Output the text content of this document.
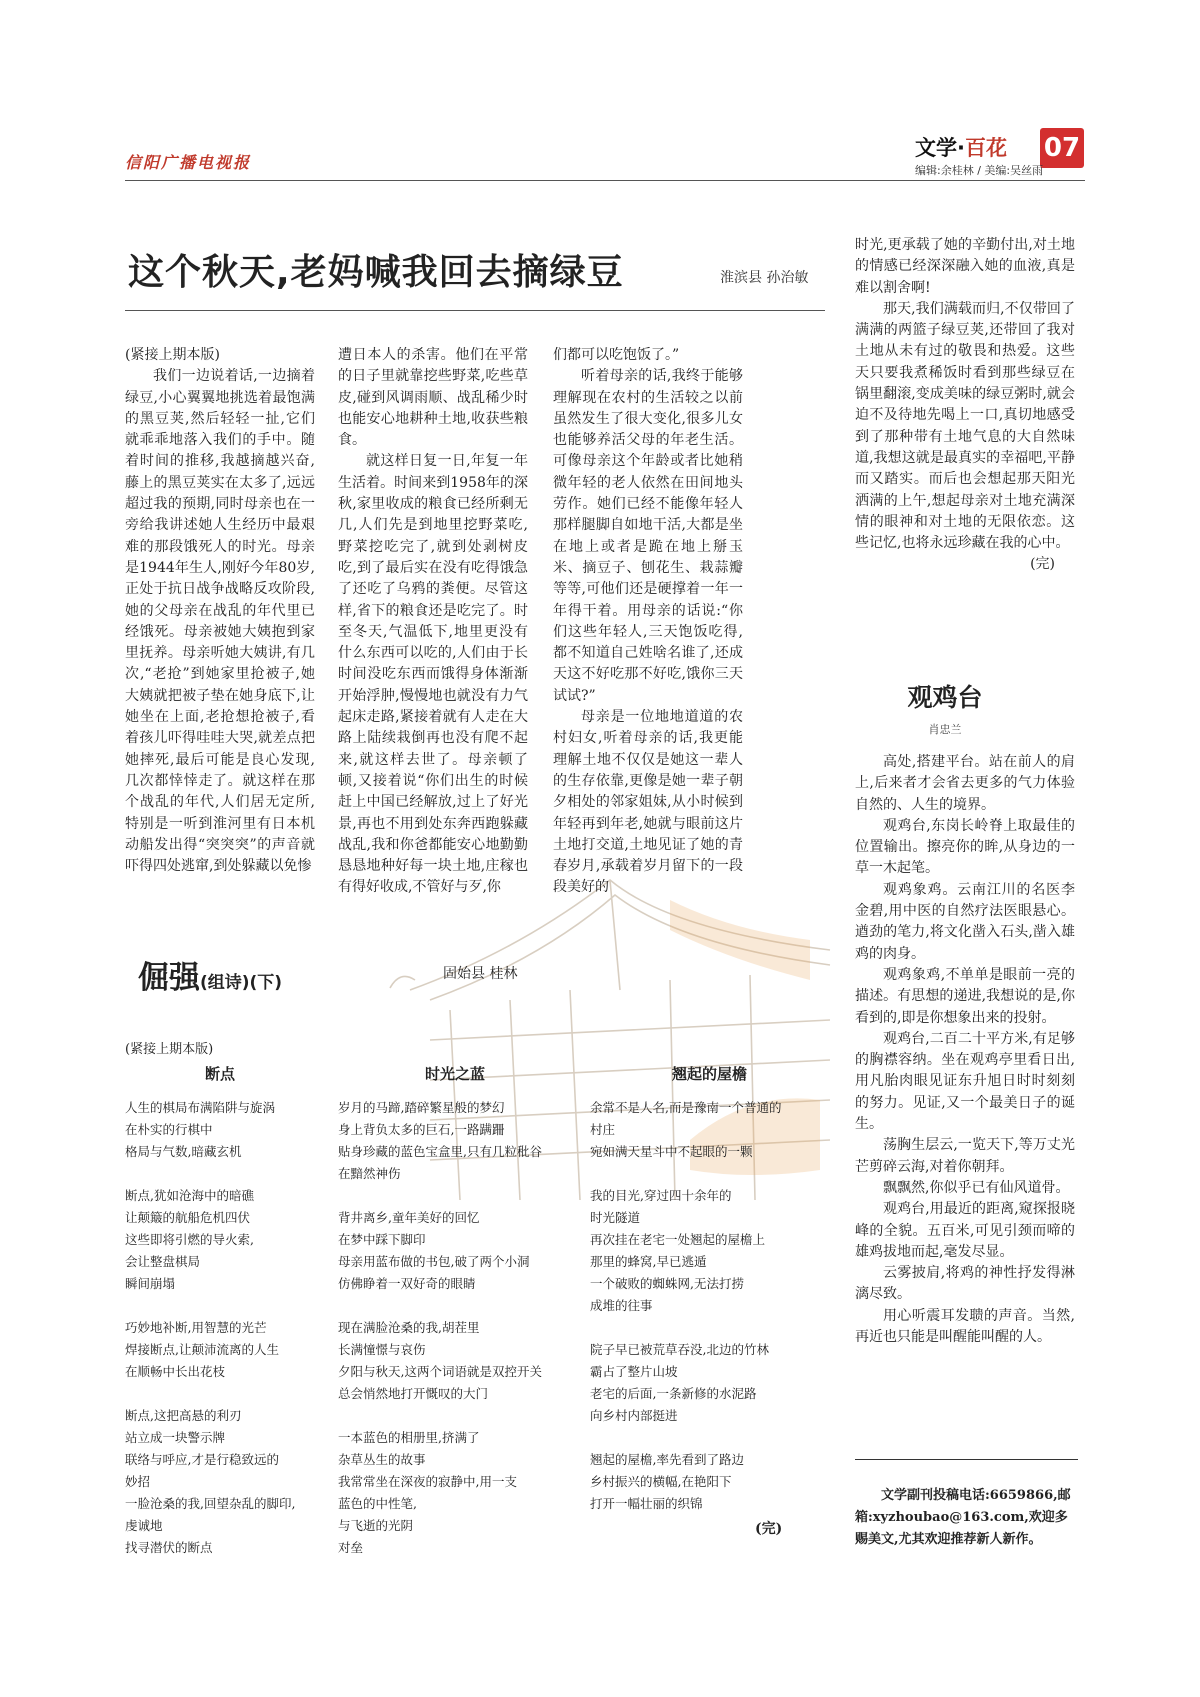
信阳广播电视报
文学·百花 07
编辑:余桂林 / 美编:吴丝雨
这个秋天,老妈喊我回去摘绿豆	淮滨县 孙治敏

(紧接上期本版)

我们一边说着话,一边摘着绿豆,小心翼翼地挑选着最饱满的黑豆荚,然后轻轻一扯,它们就乖乖地落入我们的手中。随着时间的推移,我越摘越兴奋,藤上的黑豆荚实在太多了,远远超过我的预期,同时母亲也在一旁给我讲述她人生经历中最艰难的那段饿死人的时光。母亲是1944年生人,刚好今年80岁,正处于抗日战争战略反攻阶段,她的父母亲在战乱的年代里已经饿死。母亲被她大姨抱到家里抚养。母亲听她大姨讲,有几次,“老抢”到她家里抢被子,她大姨就把被子垫在她身底下,让她坐在上面,老抢想抢被子,看着孩儿吓得哇哇大哭,就差点把她摔死,最后可能是良心发现,几次都悻悻走了。就这样在那个战乱的年代,人们居无定所,特别是一听到淮河里有日本机动船发出得“突突突”的声音就吓得四处逃窜,到处躲藏以免惨

遭日本人的杀害。他们在平常的日子里就靠挖些野菜,吃些草皮,碰到风调雨顺、战乱稀少时也能安心地耕种土地,收获些粮食。

就这样日复一日,年复一年生活着。时间来到1958年的深秋,家里收成的粮食已经所剩无几,人们先是到地里挖野菜吃,野菜挖吃完了,就到处剥树皮吃,到了最后实在没有吃得饿急了还吃了乌鸦的粪便。尽管这样,省下的粮食还是吃完了。时至冬天,气温低下,地里更没有什么东西可以吃的,人们由于长时间没吃东西而饿得身体渐渐开始浮肿,慢慢地也就没有力气起床走路,紧接着就有人走在大路上陆续栽倒再也没有爬不起来,就这样去世了。母亲顿了顿,又接着说“你们出生的时候赶上中国已经解放,过上了好光景,再也不用到处东奔西跑躲藏战乱,我和你爸都能安心地勤勤恳恳地种好每一块土地,庄稼也有得好收成,不管好与歹,你

们都可以吃饱饭了。”

听着母亲的话,我终于能够理解现在农村的生活较之以前虽然发生了很大变化,很多儿女也能够养活父母的年老生活。可像母亲这个年龄或者比她稍微年轻的老人依然在田间地头劳作。她们已经不能像年轻人那样腿脚自如地干活,大都是坐在地上或者是跪在地上掰玉米、摘豆子、刨花生、栽蒜瓣等等,可他们还是硬撑着一年一年得干着。用母亲的话说:“你们这些年轻人,三天饱饭吃得,都不知道自己姓啥名谁了,还成天这不好吃那不好吃,饿你三天试试?”

母亲是一位地地道道的农村妇女,听着母亲的话,我更能理解土地不仅仅是她这一辈人的生存依靠,更像是她一辈子朝夕相处的邻家姐妹,从小时候到年轻再到年老,她就与眼前这片土地打交道,土地见证了她的青春岁月,承载着岁月留下的一段段美好的

时光,更承载了她的辛勤付出,对土地的情感已经深深融入她的血液,真是难以割舍啊!

那天,我们满载而归,不仅带回了满满的两篮子绿豆荚,还带回了我对土地从未有过的敬畏和热爱。这些天只要我煮稀饭时看到那些绿豆在锅里翻滚,变成美味的绿豆粥时,就会迫不及待地先喝上一口,真切地感受到了那种带有土地气息的大自然味道,我想这就是最真实的幸福吧,平静而又踏实。而后也会想起那天阳光洒满的上午,想起母亲对土地充满深情的眼神和对土地的无限依恋。这些记忆,也将永远珍藏在我的心中。

(完)

倔强(组诗)(下)	固始县 桂林
(紧接上期本版)
断点
人生的棋局布满陷阱与旋涡
在朴实的行棋中
格局与气数,暗藏玄机

断点,犹如沧海中的暗礁
让颠簸的航船危机四伏
这些即将引燃的导火索,
会让整盘棋局
瞬间崩塌

巧妙地补断,用智慧的光芒
焊接断点,让颠沛流离的人生
在顺畅中长出花枝

断点,这把高悬的利刃
站立成一块警示牌
联络与呼应,才是行稳致远的
妙招
一脸沧桑的我,回望杂乱的脚印,
虔诚地
找寻潜伏的断点
时光之蓝
岁月的马蹄,踏碎繁星般的梦幻
身上背负太多的巨石,一路蹒跚
贴身珍藏的蓝色宝盒里,只有几粒秕谷
在黯然神伤

背井离乡,童年美好的回忆
在梦中踩下脚印
母亲用蓝布做的书包,破了两个小洞
仿佛睁着一双好奇的眼睛

现在满脸沧桑的我,胡茬里
长满憧憬与哀伤
夕阳与秋天,这两个词语就是双控开关
总会悄然地打开慨叹的大门

一本蓝色的相册里,挤满了
杂草丛生的故事
我常常坐在深夜的寂静中,用一支
蓝色的中性笔,
与飞逝的光阴
对垒
翘起的屋檐
余常不是人名,而是豫南一个普通的
村庄
宛如满天星斗中不起眼的一颗

我的目光,穿过四十余年的
时光隧道
再次挂在老宅一处翘起的屋檐上
那里的蜂窝,早已逃遁
一个破败的蜘蛛网,无法打捞
成堆的往事

院子早已被荒草吞没,北边的竹林
霸占了整片山坡
老宅的后面,一条新修的水泥路
向乡村内部挺进

翘起的屋檐,率先看到了路边
乡村振兴的横幅,在艳阳下
打开一幅壮丽的织锦
(完)
观鸡台
肖忠兰

高处,搭建平台。站在前人的肩上,后来者才会省去更多的气力体验自然的、人生的境界。

观鸡台,东岗长岭脊上取最佳的位置输出。擦亮你的眸,从身边的一草一木起笔。

观鸡象鸡。云南江川的名医李金碧,用中医的自然疗法医眼悬心。遒劲的笔力,将文化凿入石头,凿入雄鸡的肉身。

观鸡象鸡,不单单是眼前一亮的描述。有思想的递进,我想说的是,你看到的,即是你想象出来的投射。

观鸡台,二百二十平方米,有足够的胸襟容纳。坐在观鸡亭里看日出,用凡胎肉眼见证东升旭日时时刻刻的努力。见证,又一个最美日子的诞生。

荡胸生层云,一览天下,等万丈光芒剪碎云海,对着你朝拜。

飘飘然,你似乎已有仙风道骨。

观鸡台,用最近的距离,窥探报晓峰的全貌。五百米,可见引颈而啼的雄鸡拔地而起,毫发尽显。

云雾披肩,将鸡的神性抒发得淋漓尽致。

用心听震耳发聩的声音。当然,再近也只能是叫醒能叫醒的人。

文学副刊投稿电话:6659866,邮箱:xyzhoubao@163.com,欢迎多赐美文,尤其欢迎推荐新人新作。
